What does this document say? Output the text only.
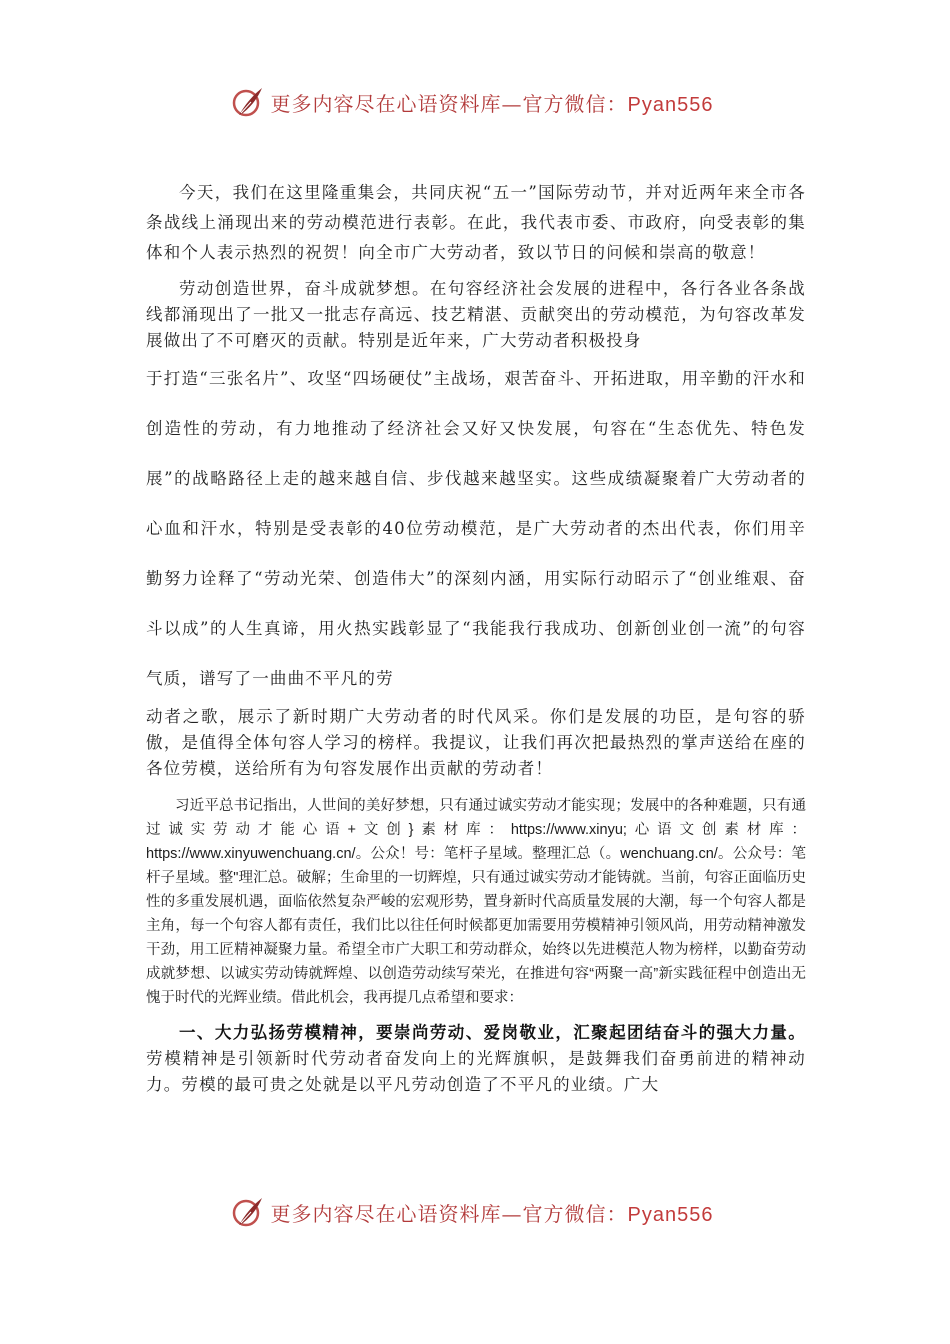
更多内容尽在心语资料库—官方微信：Pyan556

今天，我们在这里隆重集会，共同庆祝“五一”国际劳动节，并对近两年来全市各条战线上涌现出来的劳动模范进行表彰。在此，我代表市委、市政府，向受表彰的集体和个人表示热烈的祝贺！向全市广大劳动者，致以节日的问候和崇高的敬意！

劳动创造世界，奋斗成就梦想。在句容经济社会发展的进程中，各行各业各条战线都涌现出了一批又一批志存高远、技艺精湛、贡献突出的劳动模范，为句容改革发展做出了不可磨灭的贡献。特别是近年来，广大劳动者积极投身
于打造“三张名片”、攻坚“四场硬仗”主战场，艰苦奋斗、开拓进取，用辛勤的汗水和创造性的劳动，有力地推动了经济社会又好又快发展，句容在“生态优先、特色发展”的战略路径上走的越来越自信、步伐越来越坚实。这些成绩凝聚着广大劳动者的心血和汗水，特别是受表彰的40位劳动模范，是广大劳动者的杰出代表，你们用辛勤努力诠释了“劳动光荣、创造伟大”的深刻内涵，用实际行动昭示了“创业维艰、奋斗以成”的人生真谛，用火热实践彰显了“我能我行我成功、创新创业创一流”的句容气质，谱写了一曲曲不平凡的劳
动者之歌，展示了新时期广大劳动者的时代风采。你们是发展的功臣，是句容的骄傲，是值得全体句容人学习的榜样。我提议，让我们再次把最热烈的掌声送给在座的各位劳模，送给所有为句容发展作出贡献的劳动者！

习近平总书记指出，人世间的美好梦想，只有通过诚实劳动才能实现；发展中的各种难题，只有通过诚实劳动才能心语+文创}素材库：https://www.xinyu;心语文创素材库：https://www.xinyuwenchuang.cn/。公众！号：笔杆子星域。整理汇总（。wenchuang.cn/。公众号：笔杆子星域。整"理汇总。破解；生命里的一切辉煌，只有通过诚实劳动才能铸就。当前，句容正面临历史性的多重发展机遇，面临依然复杂严峻的宏观形势，置身新时代高质量发展的大潮，每一个句容人都是主角，每一个句容人都有责任，我们比以往任何时候都更加需要用劳模精神引领风尚，用劳动精神激发干劲，用工匠精神凝聚力量。希望全市广大职工和劳动群众，始终以先进模范人物为榜样，以勤奋劳动成就梦想、以诚实劳动铸就辉煌、以创造劳动续写荣光，在推进句容“两聚一高”新实践征程中创造出无愧于时代的光辉业绩。借此机会，我再提几点希望和要求：

一、大力弘扬劳模精神，要崇尚劳动、爱岗敬业，汇聚起团结奋斗的强大力量。劳模精神是引领新时代劳动者奋发向上的光辉旗帜，是鼓舞我们奋勇前进的精神动力。劳模的最可贵之处就是以平凡劳动创造了不平凡的业绩。广大

更多内容尽在心语资料库—官方微信：Pyan556
